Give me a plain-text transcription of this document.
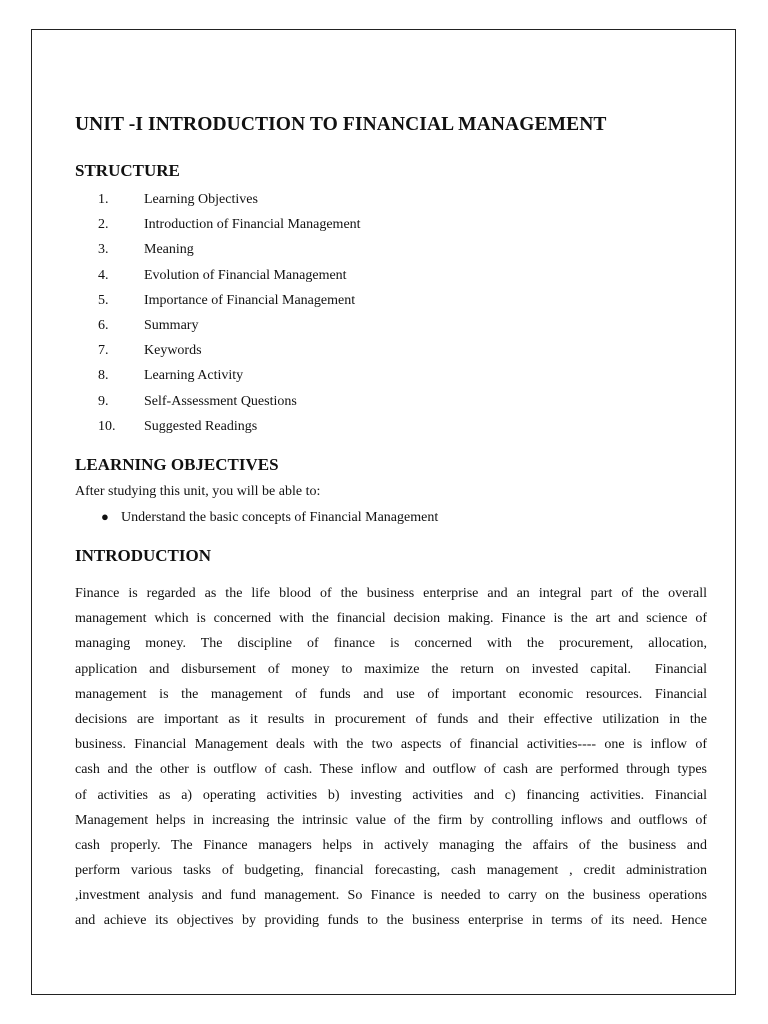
UNIT -I INTRODUCTION TO FINANCIAL MANAGEMENT
STRUCTURE
1.	Learning Objectives
2.	Introduction of Financial Management
3.	Meaning
4.	Evolution of Financial Management
5.	Importance of Financial Management
6.	Summary
7.	Keywords
8.	Learning Activity
9.	Self-Assessment Questions
10. Suggested Readings
LEARNING OBJECTIVES

After studying this unit, you will be able to:

● Understand the basic concepts of Financial Management
INTRODUCTION
Finance is regarded as the life blood of the business enterprise and an integral part of the overall
management which is concerned with the financial decision making. Finance is the art and science of
managing money. The discipline of finance is concerned with the procurement, allocation,
application and disbursement of money to maximize the return on invested capital.  Financial
management is the management of funds and use of important economic resources. Financial
decisions are important as it results in procurement of funds and their effective utilization in the
business. Financial Management deals with the two aspects of financial activities---- one is inflow of
cash and the other is outflow of cash. These inflow and outflow of cash are performed through types
of activities as a) operating activities b) investing activities and c) financing activities. Financial
Management helps in increasing the intrinsic value of the firm by controlling inflows and outflows of
cash properly. The Finance managers helps in actively managing the affairs of the business and
perform various tasks of budgeting, financial forecasting, cash management , credit administration
,investment analysis and fund management. So Finance is needed to carry on the business operations
and achieve its objectives by providing funds to the business enterprise in terms of its need. Hence
